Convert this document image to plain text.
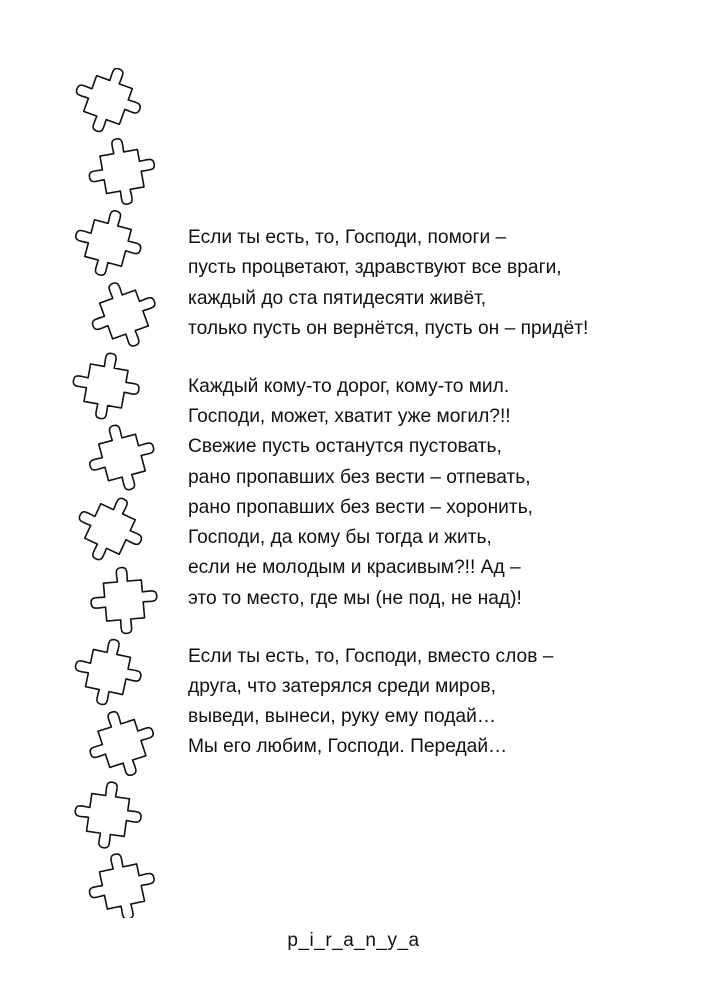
Если ты есть, то, Господи, помоги –
пусть процветают, здравствуют все враги,
каждый до ста пятидесяти живёт,
только пусть он вернётся, пусть он – придёт!
Каждый кому-то дорог, кому-то мил.
Господи, может, хватит уже могил?!!
Свежие пусть останутся пустовать,
рано пропавших без вести – отпевать,
рано пропавших без вести – хоронить,
Господи, да кому бы тогда и жить,
если не молодым и красивым?!! Ад –
это то место, где мы (не под, не над)!
Если ты есть, то, Господи, вместо слов –
друга, что затерялся среди миров,
выведи, вынеси, руку ему подай…
Мы его любим, Господи. Передай…
p_i_r_a_n_y_a
